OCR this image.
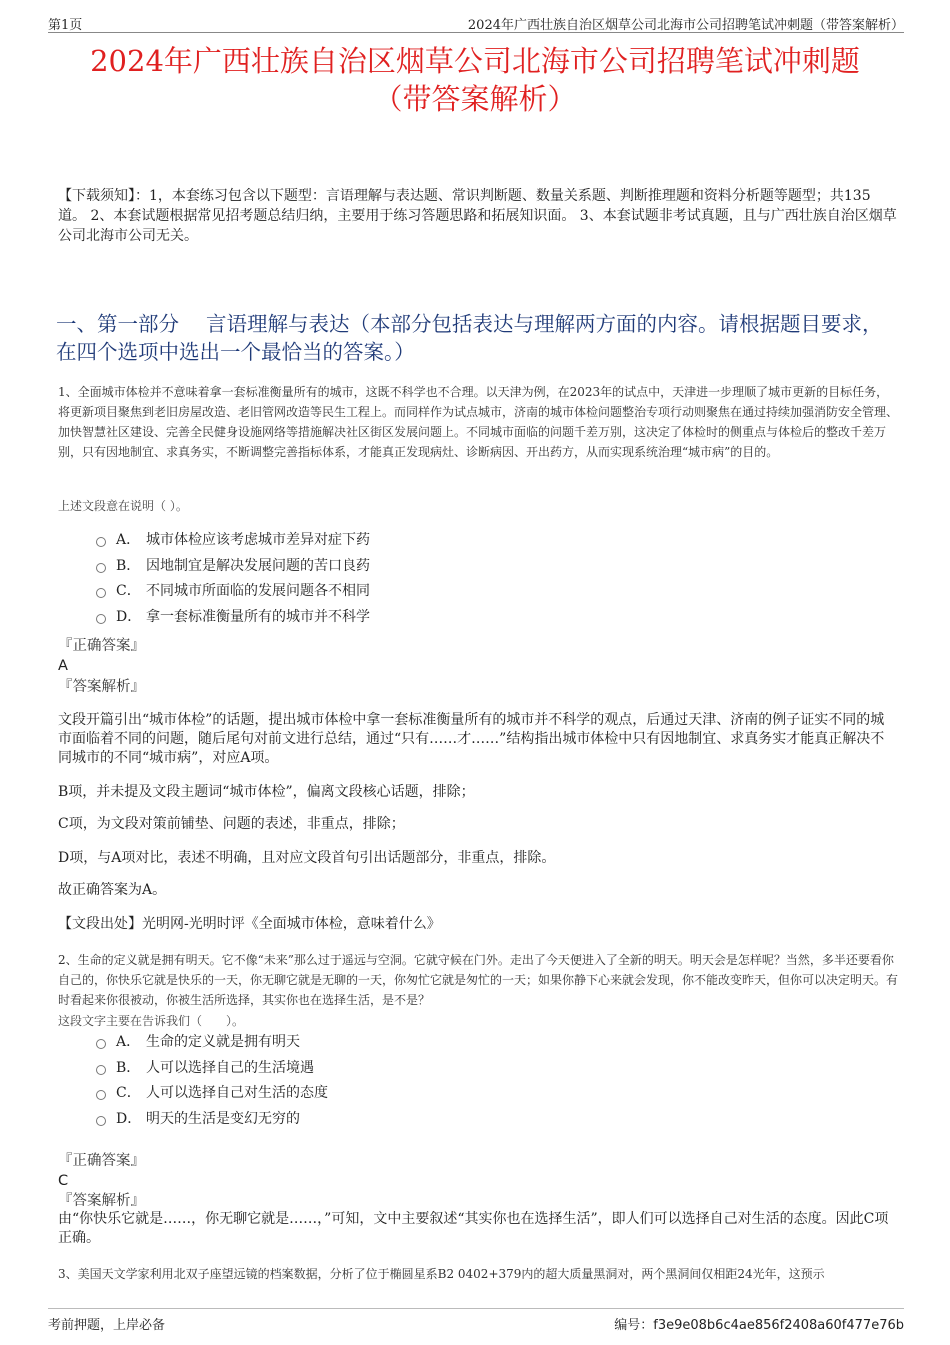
第1页	2024年广西壮族自治区烟草公司北海市公司招聘笔试冲刺题（带答案解析）
2024年广西壮族自治区烟草公司北海市公司招聘笔试冲刺题
（带答案解析）
【下载须知】：1，本套练习包含以下题型：言语理解与表达题、常识判断题、数量关系题、判断推理题和资料分析题等题型；共135道。 2、本套试题根据常见招考题总结归纳，主要用于练习答题思路和拓展知识面。 3、本套试题非考试真题，且与广西壮族自治区烟草公司北海市公司无关。
一、第一部分　 言语理解与表达（本部分包括表达与理解两方面的内容。请根据题目要求，在四个选项中选出一个最恰当的答案。）
1、全面城市体检并不意味着拿一套标准衡量所有的城市，这既不科学也不合理。以天津为例，在2023年的试点中，天津进一步理顺了城市更新的目标任务，将更新项目聚焦到老旧房屋改造、老旧管网改造等民生工程上。而同样作为试点城市，济南的城市体检问题整治专项行动则聚焦在通过持续加强消防安全管理、加快智慧社区建设、完善全民健身设施网络等措施解决社区街区发展问题上。不同城市面临的问题千差万别，这决定了体检时的侧重点与体检后的整改千差万别，只有因地制宜、求真务实，不断调整完善指标体系，才能真正发现病灶、诊断病因、开出药方，从而实现系统治理“城市病”的目的。
上述文段意在说明（ ）。
A． 城市体检应该考虑城市差异对症下药
B． 因地制宜是解决发展问题的苦口良药
C． 不同城市所面临的发展问题各不相同
D． 拿一套标准衡量所有的城市并不科学
『正确答案』
A
『答案解析』
文段开篇引出“城市体检”的话题，提出城市体检中拿一套标准衡量所有的城市并不科学的观点，后通过天津、济南的例子证实不同的城市面临着不同的问题，随后尾句对前文进行总结，通过“只有……才……”结构指出城市体检中只有因地制宜、求真务实才能真正解决不同城市的不同“城市病”，对应A项。
B项，并未提及文段主题词“城市体检”，偏离文段核心话题，排除；
C项，为文段对策前铺垫、问题的表述，非重点，排除；
D项，与A项对比，表述不明确，且对应文段首句引出话题部分，非重点，排除。
故正确答案为A。
【文段出处】光明网-光明时评《全面城市体检，意味着什么》
2、生命的定义就是拥有明天。它不像“未来”那么过于遥远与空洞。它就守候在门外。走出了今天便进入了全新的明天。明天会是怎样呢？当然，多半还要看你自己的，你快乐它就是快乐的一天，你无聊它就是无聊的一天，你匆忙它就是匆忙的一天；如果你静下心来就会发现，你不能改变昨天，但你可以决定明天。有时看起来你很被动，你被生活所选择，其实你也在选择生活，是不是？
这段文字主要在告诉我们（　　）。
A． 生命的定义就是拥有明天
B． 人可以选择自己的生活境遇
C． 人可以选择自己对生活的态度
D． 明天的生活是变幻无穷的
『正确答案』
C
『答案解析』
由“你快乐它就是……，你无聊它就是……，”可知，文中主要叙述“其实你也在选择生活”，即人们可以选择自己对生活的态度。因此C项正确。
3、美国天文学家利用北双子座望远镜的档案数据，分析了位于椭圆星系B2 0402+379内的超大质量黑洞对，两个黑洞间仅相距24光年，这预示
考前押题，上岸必备	编号：f3e9e08b6c4ae856f2408a60f477e76b
